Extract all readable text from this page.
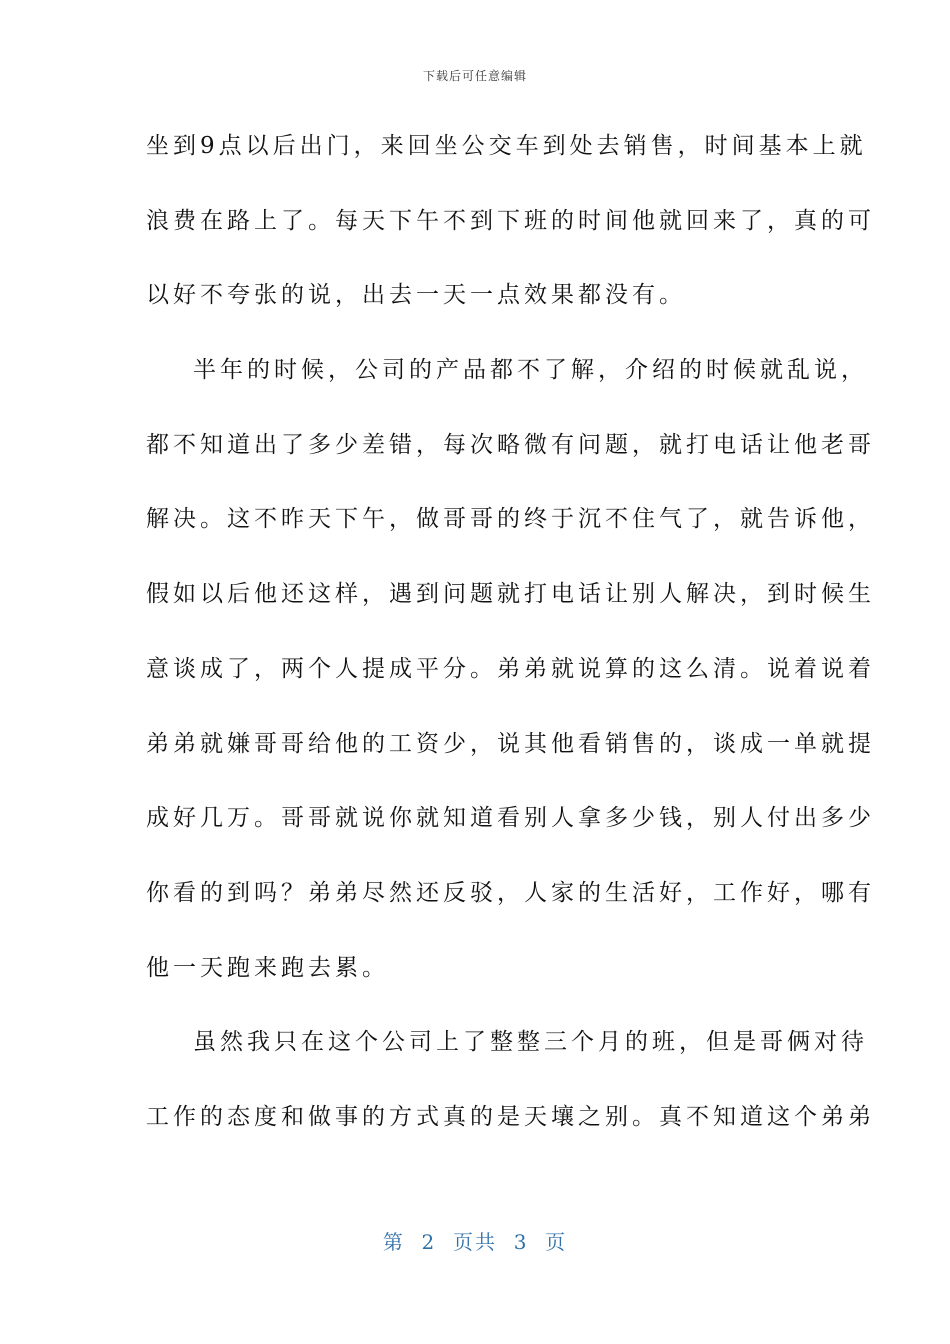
下载后可任意编辑
坐到9点以后出门，来回坐公交车到处去销售，时间基本上就
浪费在路上了。每天下午不到下班的时间他就回来了，真的可
以好不夸张的说，出去一天一点效果都没有。
半年的时候，公司的产品都不了解，介绍的时候就乱说，
都不知道出了多少差错，每次略微有问题，就打电话让他老哥
解决。这不昨天下午，做哥哥的终于沉不住气了，就告诉他，
假如以后他还这样，遇到问题就打电话让别人解决，到时候生
意谈成了，两个人提成平分。弟弟就说算的这么清。说着说着
弟弟就嫌哥哥给他的工资少，说其他看销售的，谈成一单就提
成好几万。哥哥就说你就知道看别人拿多少钱，别人付出多少
你看的到吗？弟弟尽然还反驳，人家的生活好，工作好，哪有
他一天跑来跑去累。
虽然我只在这个公司上了整整三个月的班，但是哥俩对待
工作的态度和做事的方式真的是天壤之别。真不知道这个弟弟
第  2  页共  3  页
